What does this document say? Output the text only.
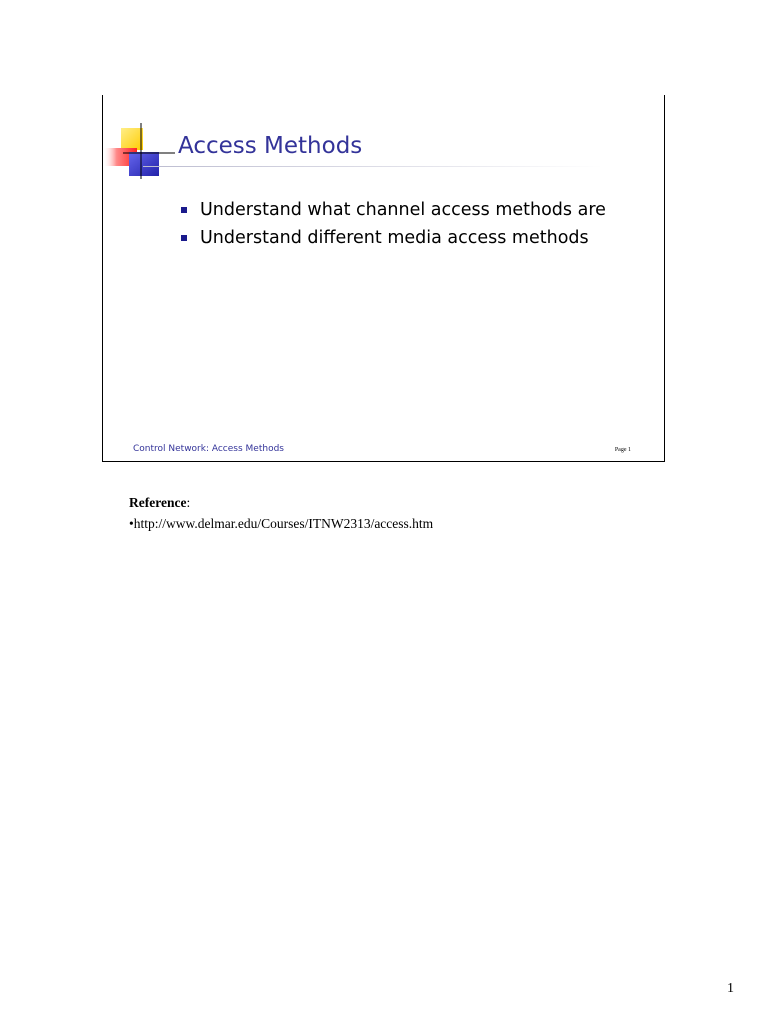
Access Methods
Understand what channel access methods are
Understand different media access methods
Control Network: Access Methods	Page 1
Reference:
•http://www.delmar.edu/Courses/ITNW2313/access.htm
1
